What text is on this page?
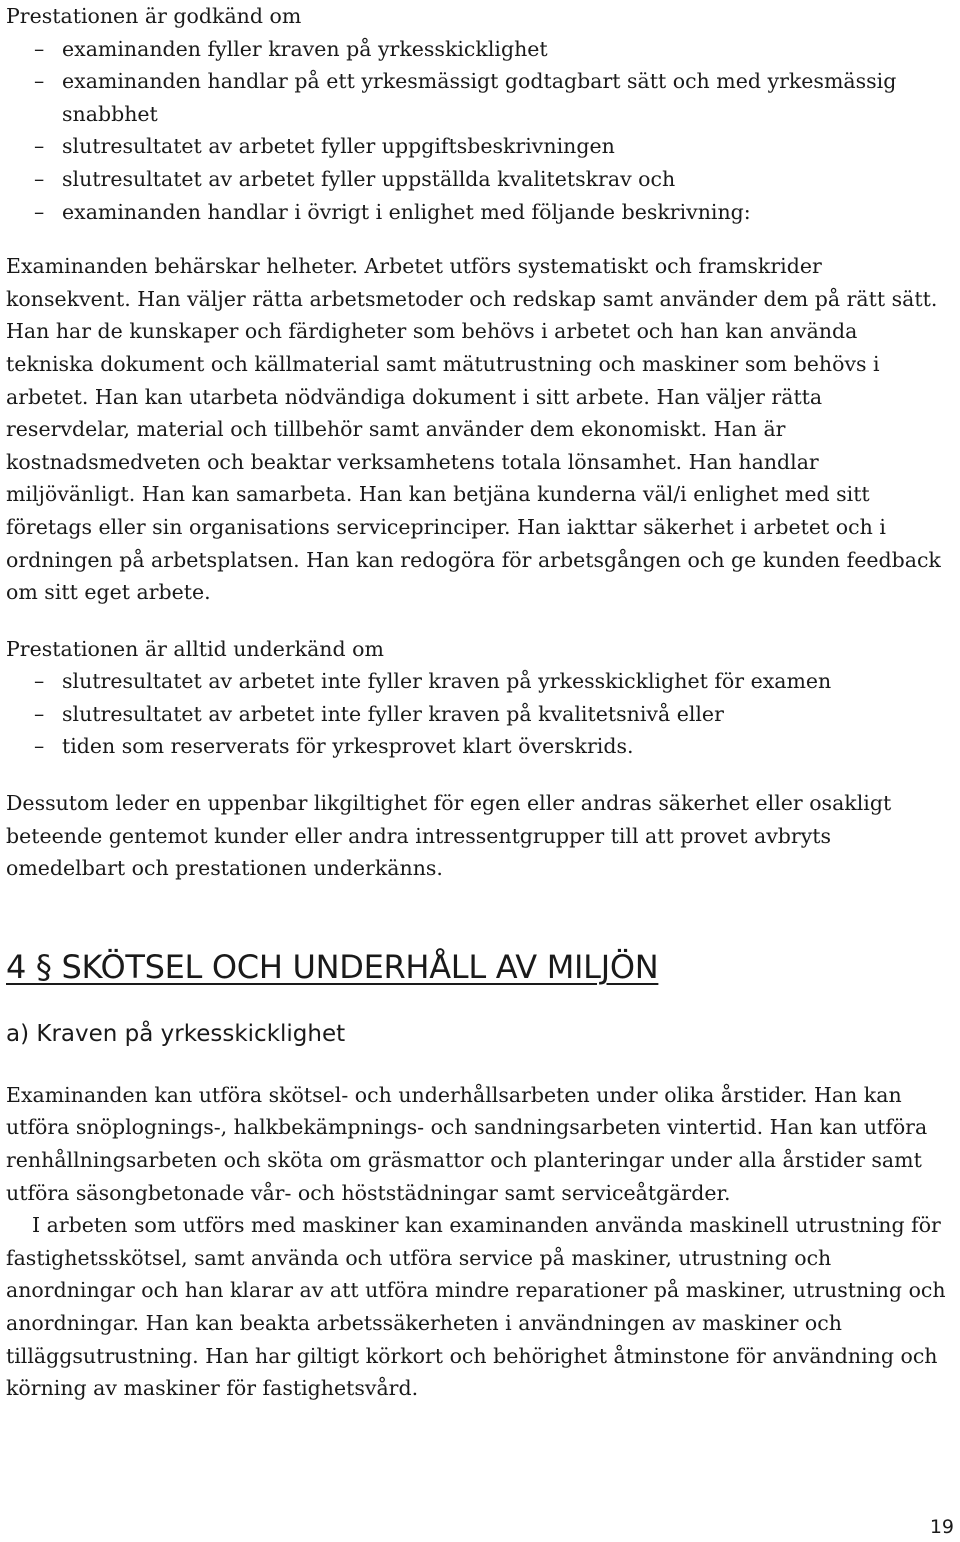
Prestationen är godkänd om

– examinanden fyller kraven på yrkesskicklighet
– examinanden handlar på ett yrkesmässigt godtagbart sätt och med yrkesmässig snabbhet
– slutresultatet av arbetet fyller uppgiftsbeskrivningen
– slutresultatet av arbetet fyller uppställda kvalitetskrav och
– examinanden handlar i övrigt i enlighet med följande beskrivning:

Examinanden behärskar helheter. Arbetet utförs systematiskt och framskrider konsekvent. Han väljer rätta arbetsmetoder och redskap samt använder dem på rätt sätt. Han har de kunskaper och färdigheter som behövs i arbetet och han kan använda tekniska dokument och källmaterial samt mätutrustning och maskiner som behövs i arbetet. Han kan utarbeta nödvändiga dokument i sitt arbete. Han väljer rätta reservdelar, material och tillbehör samt använder dem ekonomiskt. Han är kostnadsmedveten och beaktar verksamhetens totala lönsamhet. Han handlar miljövänligt. Han kan samarbeta. Han kan betjäna kunderna väl/i enlighet med sitt företags eller sin organisations serviceprinciper. Han iakttar säkerhet i arbetet och i ordningen på arbetsplatsen. Han kan redogöra för arbetsgången och ge kunden feedback om sitt eget arbete.

Prestationen är alltid underkänd om

– slutresultatet av arbetet inte fyller kraven på yrkesskicklighet för examen
– slutresultatet av arbetet inte fyller kraven på kvalitetsnivå eller
– tiden som reserverats för yrkesprovet klart överskrids.

Dessutom leder en uppenbar likgiltighet för egen eller andras säkerhet eller osakligt beteende gentemot kunder eller andra intressentgrupper till att provet avbryts omedelbart och prestationen underkänns.

4 § SKÖTSEL OCH UNDERHÅLL AV MILJÖN
a) Kraven på yrkesskicklighet

Examinanden kan utföra skötsel- och underhållsarbeten under olika årstider. Han kan utföra snöplognings-, halkbekämpnings- och sandningsarbeten vintertid. Han kan utföra renhållningsarbeten och sköta om gräsmattor och planteringar under alla årstider samt utföra säsongbetonade vår- och höststädningar samt serviceåtgärder.

I arbeten som utförs med maskiner kan examinanden använda maskinell utrustning för fastighetsskötsel, samt använda och utföra service på maskiner, utrustning och anordningar och han klarar av att utföra mindre reparationer på maskiner, utrustning och anordningar. Han kan beakta arbetssäkerheten i användningen av maskiner och tilläggsutrustning. Han har giltigt körkort och behörighet åtminstone för användning och körning av maskiner för fastighetsvård.

19
